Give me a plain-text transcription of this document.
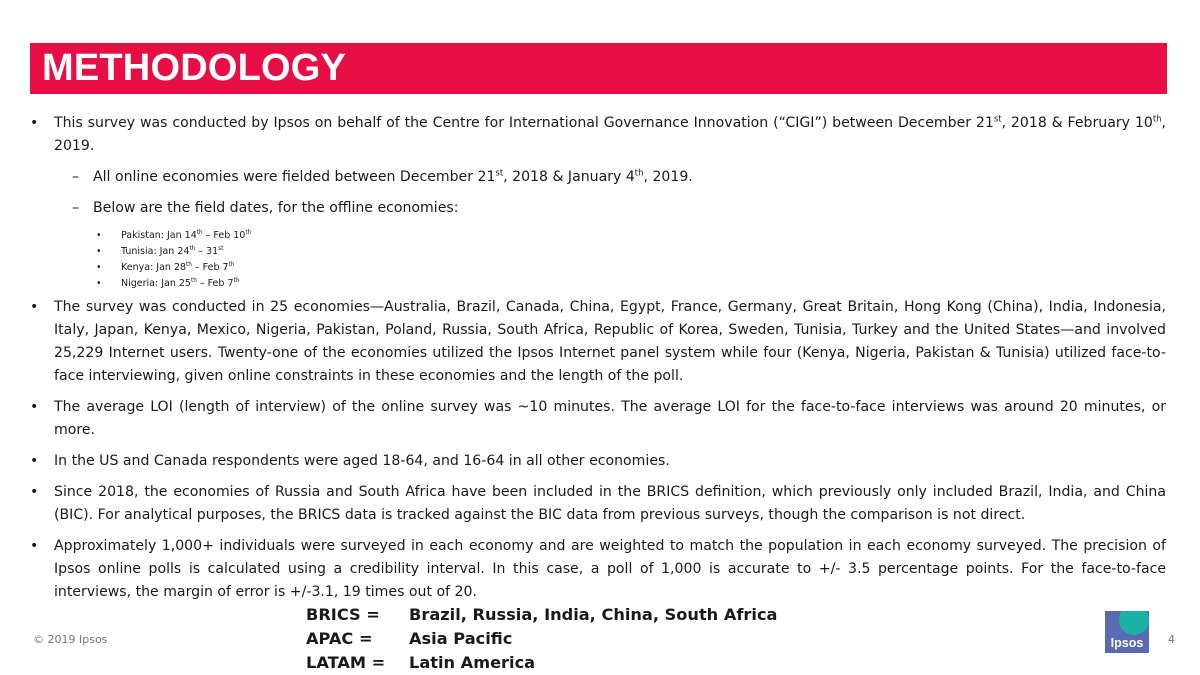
METHODOLOGY
• This survey was conducted by Ipsos on behalf of the Centre for International Governance Innovation (“CIGI”) between December 21st, 2018 & February 10th, 2019.
– All online economies were fielded between December 21st, 2018 & January 4th, 2019.
– Below are the field dates, for the offline economies:
• Pakistan: Jan 14th – Feb 10th
• Tunisia: Jan 24th – 31st
• Kenya: Jan 28th – Feb 7th
• Nigeria: Jan 25th – Feb 7th
• The survey was conducted in 25 economies—Australia, Brazil, Canada, China, Egypt, France, Germany, Great Britain, Hong Kong (China), India, Indonesia, Italy, Japan, Kenya, Mexico, Nigeria, Pakistan, Poland, Russia, South Africa, Republic of Korea, Sweden, Tunisia, Turkey and the United States—and involved 25,229 Internet users. Twenty-one of the economies utilized the Ipsos Internet panel system while four (Kenya, Nigeria, Pakistan & Tunisia) utilized face-to-face interviewing, given online constraints in these economies and the length of the poll.
• The average LOI (length of interview) of the online survey was ~10 minutes. The average LOI for the face-to-face interviews was around 20 minutes, or more.
• In the US and Canada respondents were aged 18-64, and 16-64 in all other economies.
• Since 2018, the economies of Russia and South Africa have been included in the BRICS definition, which previously only included Brazil, India, and China (BIC). For analytical purposes, the BRICS data is tracked against the BIC data from previous surveys, though the comparison is not direct.
• Approximately 1,000+ individuals were surveyed in each economy and are weighted to match the population in each economy surveyed. The precision of Ipsos online polls is calculated using a credibility interval. In this case, a poll of 1,000 is accurate to +/- 3.5 percentage points. For the face-to-face interviews, the margin of error is +/-3.1, 19 times out of 20.
BRICS =	Brazil, Russia, India, China, South Africa
APAC =	Asia Pacific
LATAM =	Latin America
© 2019 Ipsos	Ipsos	4
